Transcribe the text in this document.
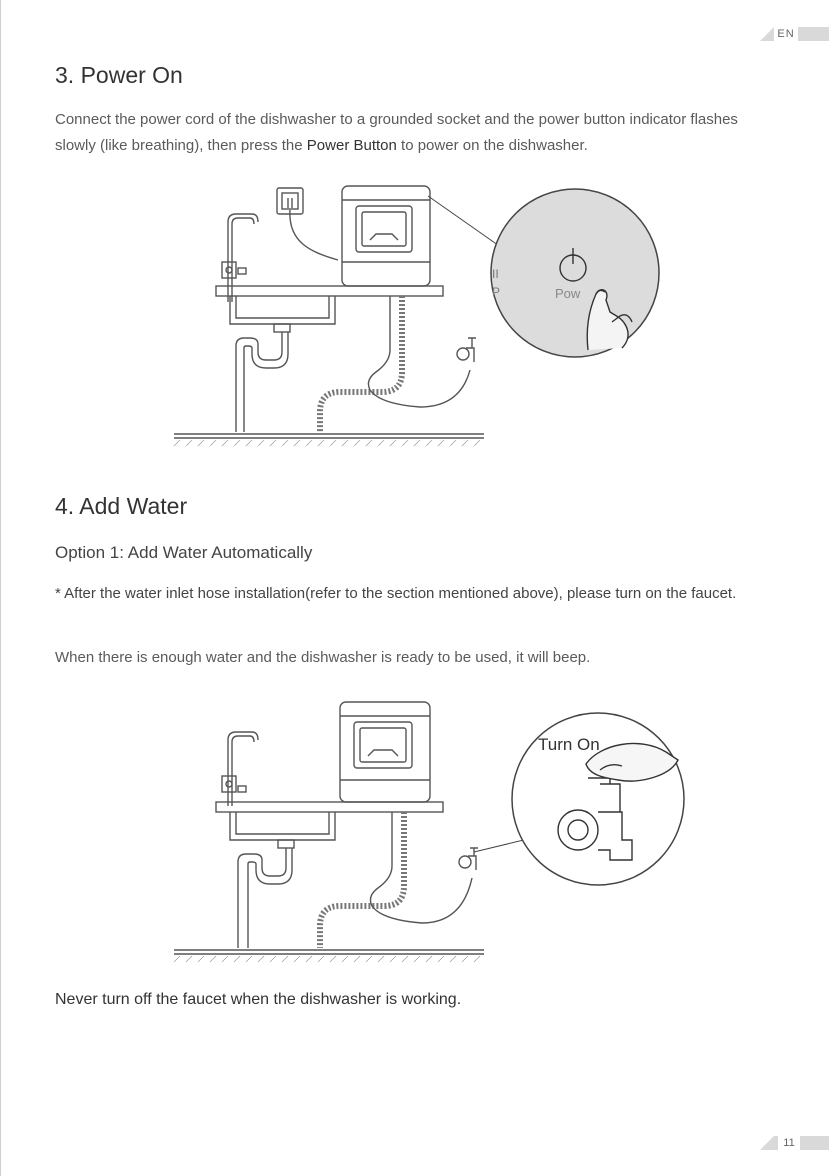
EN
3. Power On

Connect the power cord of the dishwasher to a grounded socket and the power button indicator flashes slowly (like breathing), then press the Power Button to power on the dishwasher.

Pow
II
P
4. Add Water

Option 1: Add Water Automatically

* After the water inlet hose installation(refer to the section mentioned above), please turn on the faucet.

When there is enough water and the dishwasher is ready to be used, it will beep.

Turn On

Never turn off the faucet when the dishwasher is working.

11
